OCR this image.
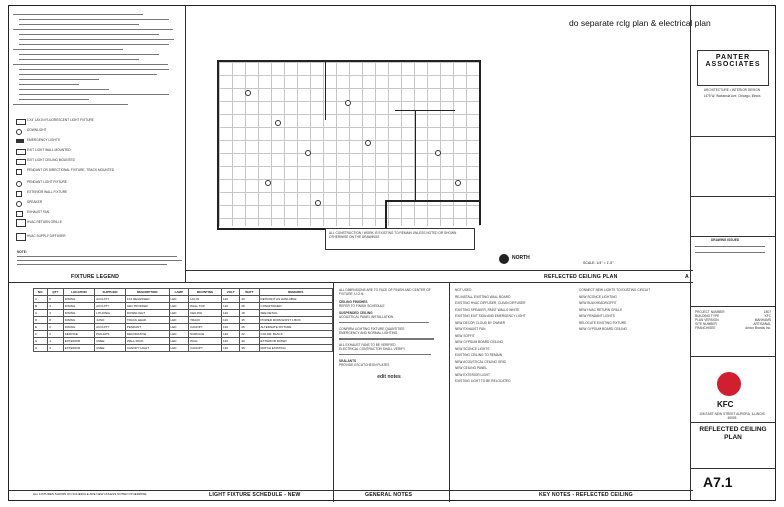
1'X4' LAY-IN FLUORESCENT LIGHT FIXTURE
DOWNLIGHT
EMERGENCY LIGHTS
EXIT LIGHT WALL MOUNTED
EXIT LIGHT CEILING MOUNTED
PENDANT OR DIRECTIONAL FIXTURE, TRACK MOUNTED
PENDANT LIGHT FIXTURE
EXTERIOR WALL FIXTURE
SPEAKER
EXHAUST FAN
HVAC RETURN GRILLE
HVAC SUPPLY DIFFUSER
NOTE:
do separate rclg plan & electrical plan
ALL CONSTRUCTION / WORK IS EXISTING TO REMAIN UNLESS NOTED OR SHOWN OTHERWISE ON THE DRAWINGS
NORTH
SCALE: 1/4" = 1'-0"
REFLECTED CEILING PLAN	A
FIXTURE LEGEND
NO.	QTY	LOCATION	SUPPLIER	DESCRIPTION	LAMP	MOUNTING	VOLT	WATT	REMARKS
A	6	DINING	ACCUITY	1X4 RECESSED	LED	LAY-IN	120	40	RETROFIT AS AVAILABLE
B	4	DINING	ACCUITY	LED TROFFER	LED	WALL TOP	120	28	CONDITIONED
C	3	DINING	LITHONIA	DOWNLIGHT	LED	CEILING	120	18	SEE DETAIL
D	8	DINING	JUNO	TRACK HEAD	LED	TRACK	120	15	POWER FROM EXIST J-BOX
E	2	DINING	ACCUITY	PENDANT	LED	CANOPY	120	25	ALTERNATE FIXTURE
F	2	SERVICE	PHILLIPS	DECORATIVE	LED	SURFACE	120	22	COLOR: BLACK
G	1	EXTERIOR	CREE	WALL PACK	LED	WALL	120	30	EXTERIOR RATED
H	4	EXTERIOR	CREE	CANOPY LIGHT	LED	CANOPY	120	35	MATCH EXISTING
ALL FIXTURES SHOWN ON SCHEDULE ARE NEW UNLESS NOTED OTHERWISE	LIGHT FIXTURE SCHEDULE - NEW
ALL DIMENSIONS ARE TO FACE OF FINISH AND CENTER OF FIXTURE, U.O.N.
CEILING FINISHES
REFER TO FINISH SCHEDULE
SUSPENDED CEILING
ACOUSTICAL PANEL INSTALLATION
CONFIRM LIGHTING FIXTURE QUANTITIES
EMERGENCY AND NORMAL LIGHTING
ALL EXHAUST FANS TO BE VERIFIED
ELECTRICAL CONTRACTOR SHALL VERIFY
SEALANTS
PROVIDE ESCUTCHEON PLATES
edit notes
GENERAL NOTES
NOT USED
RE-INSTALL EXISTING WALL BOARD
EXISTING HVAC DIFFUSER, CLEAN DIFFUSER
EXISTING SPEAKER, PAINT WALLS WHITE
EXISTING EXIT SIGN AND EMERGENCY LIGHT
NEW DECOR CLOUD BY OWNER
NEW EXHAUST FAN
NEW SOFFIT
NEW GYPSUM BOARD CEILING
NEW SCONCE LIGHTS
EXISTING CEILING TO REMAIN
NEW ACOUSTICAL CEILING GRID
NEW CEILING PANEL
NEW EXTERIOR LIGHT
EXISTING LIGHT TO BE RELOCATED
CONNECT NEW LIGHTS TO EXISTING CIRCUIT
NEW SCONCE LIGHTING
NEW BULKHEAD/SOFFIT
NEW HVAC RETURN GRILLE
NEW PENDANT LIGHTS
RELOCATE EXISTING FIXTURE
NEW GYPSUM BOARD CEILING
KEY NOTES - REFLECTED CEILING
PANTER ASSOCIATES
ARCHITECTURE • INTERIOR DESIGN
1475 W. Wabansia Ave. Chicago, Illinois
DRAWING ISSUED
PROJECT NUMBER	1807
BUILDING TYPE	KFC
PLAN VERSION	MANHAMS
SITE NUMBER	ARTISANAL
FRANCHISEE	Amico Brands Inc.
KFC
106 EAST NEW STREET AURORA, ILLINOIS 60505
REFLECTED CEILING PLAN
A7.1
